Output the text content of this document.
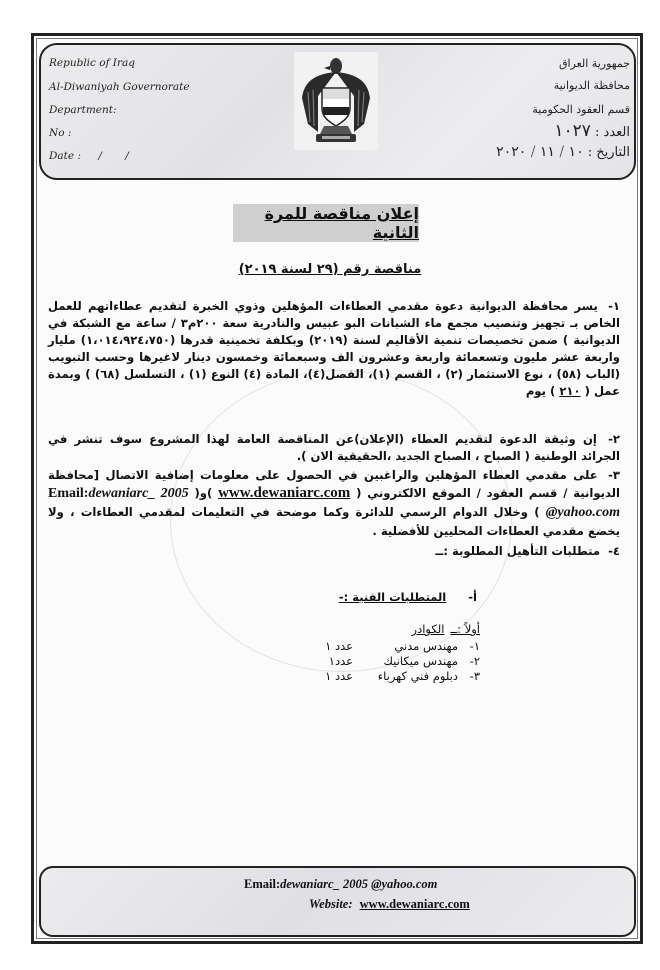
Republic of Iraq
Al-Diwaniyah Governorate
Department:
No :
Date : / /
جمهورية العراق
محافظة الديوانية
قسم العقود الحكومية
العدد : ١٠٢٧
التاريخ : ١٠ / ١١ / ٢٠٢٠
إعلان مناقصة للمرة الثانية
مناقصة رقم (٢٩ لسنة ٢٠١٩)

١- يسر محافظة الديوانية دعوة مقدمي العطاءات المؤهلين وذوي الخبرة لتقديم عطاءاتهم للعمل الخاص بـ تجهيز وتنصيب مجمع ماء الشبانات البو عبيس والنادرية سعة ٢٠٠م٣ / ساعة مع الشبكة في الديوانية ) ضمن تخصيصات تنمية الأقاليم لسنة (٢٠١٩) وبكلفة تخمينية قدرها (١،٠١٤،٩٢٤،٧٥٠) مليار واربعة عشر مليون وتسعمائة واربعة وعشرون الف وسبعمائة وخمسون دينار لاغيرها وحسب التبويب (الباب (٥٨) ، نوع الاستثمار (٢) ، القسم (١)، الفصل(٤)، المادة (٤) النوع (١) ، التسلسل (٦٨) ) وبمدة عمل ( ٢١٠ ) يوم

٢- إن وثيقة الدعوة لتقديم العطاء (الإعلان)عن المناقصة العامة لهذا المشروع سوف تنشر في الجرائد الوطنية ( الصباح ، الصباح الجديد ،الحقيقية الان ).

٣- على مقدمي العطاء المؤهلين والراغبين في الحصول على معلومات إضافية الاتصال [محافظة الديوانية / قسم العقود / الموقع الالكتروني ( www.dewaniarc.com )و( Email:dewaniarc_ 2005 @yahoo.com ) وخلال الدوام الرسمي للدائرة وكما موضحة في التعليمات لمقدمي العطاءات ، ولا يخضع مقدمي العطاءات المحليين للأفضلية .

٤- متطلبات التأهيل المطلوبة :ــ

أ- المتطلبات الفنية :-
أولاً :ــ
الكوادر
١-
مهندس مدني
عدد ١
٢-
مهندس ميكانيك
عدد١
٣-
دبلوم فني كهرباء
عدد ١
Email:dewaniarc_ 2005 @yahoo.com
Website: www.dewaniarc.com
